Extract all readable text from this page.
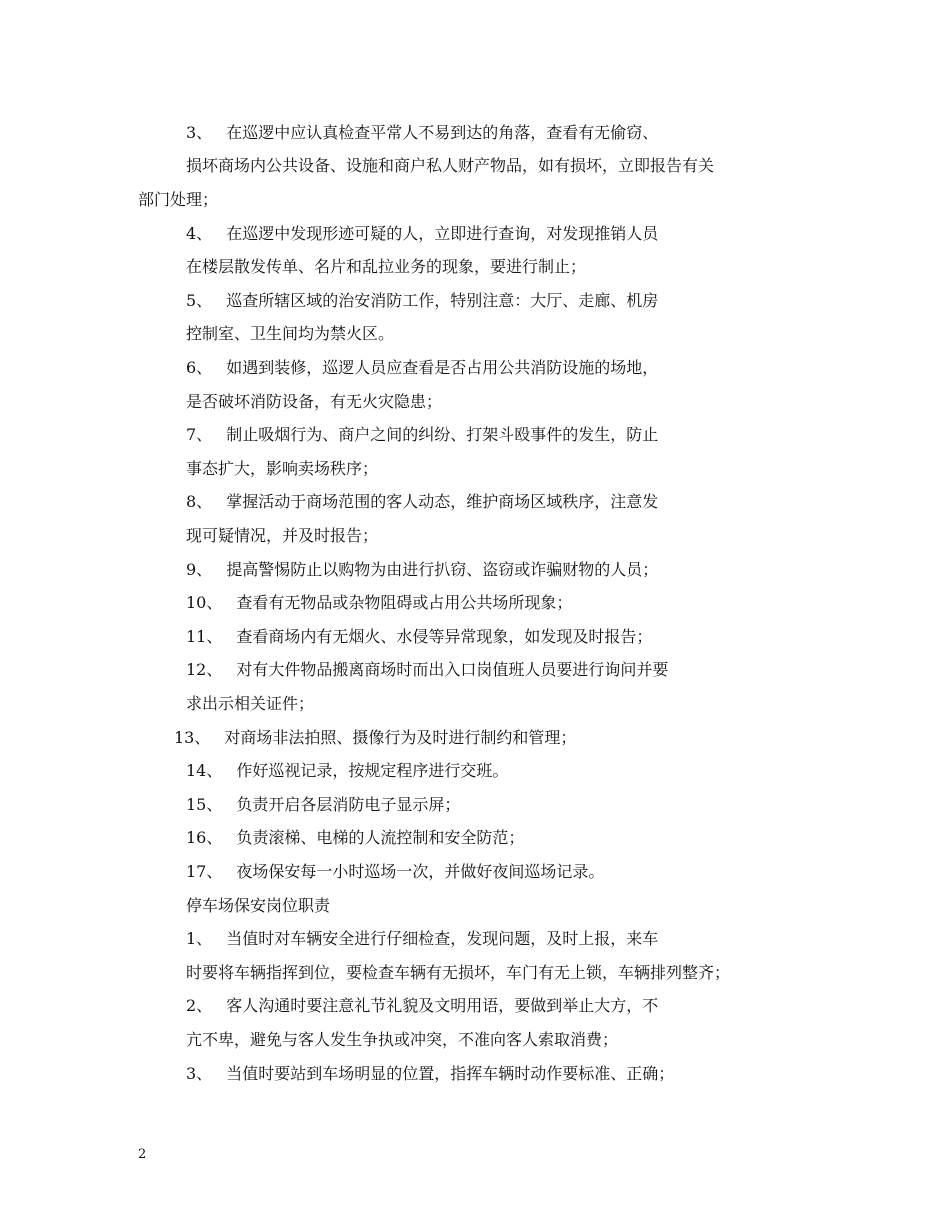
3、 在巡逻中应认真检查平常人不易到达的角落，查看有无偷窃、
损坏商场内公共设备、设施和商户私人财产物品，如有损坏，立即报告有关
部门处理；
4、 在巡逻中发现形迹可疑的人，立即进行查询，对发现推销人员
在楼层散发传单、名片和乱拉业务的现象，要进行制止；
5、 巡查所辖区域的治安消防工作，特别注意：大厅、走廊、机房
控制室、卫生间均为禁火区。
6、 如遇到装修，巡逻人员应查看是否占用公共消防设施的场地，
是否破坏消防设备，有无火灾隐患；
7、 制止吸烟行为、商户之间的纠纷、打架斗殴事件的发生，防止
事态扩大，影响卖场秩序；
8、 掌握活动于商场范围的客人动态，维护商场区域秩序，注意发
现可疑情况，并及时报告；
9、 提高警惕防止以购物为由进行扒窃、盗窃或诈骗财物的人员；
10、 查看有无物品或杂物阻碍或占用公共场所现象；
11、 查看商场内有无烟火、水侵等异常现象，如发现及时报告；
12、 对有大件物品搬离商场时而出入口岗值班人员要进行询问并要
求出示相关证件；
13、 对商场非法拍照、摄像行为及时进行制约和管理；
14、 作好巡视记录，按规定程序进行交班。
15、 负责开启各层消防电子显示屏；
16、 负责滚梯、电梯的人流控制和安全防范；
17、 夜场保安每一小时巡场一次，并做好夜间巡场记录。
停车场保安岗位职责
1、 当值时对车辆安全进行仔细检查，发现问题，及时上报，来车
时要将车辆指挥到位，要检查车辆有无损坏，车门有无上锁，车辆排列整齐；
2、 客人沟通时要注意礼节礼貌及文明用语，要做到举止大方，不
亢不卑，避免与客人发生争执或冲突，不准向客人索取消费；
3、 当值时要站到车场明显的位置，指挥车辆时动作要标准、正确；
2
